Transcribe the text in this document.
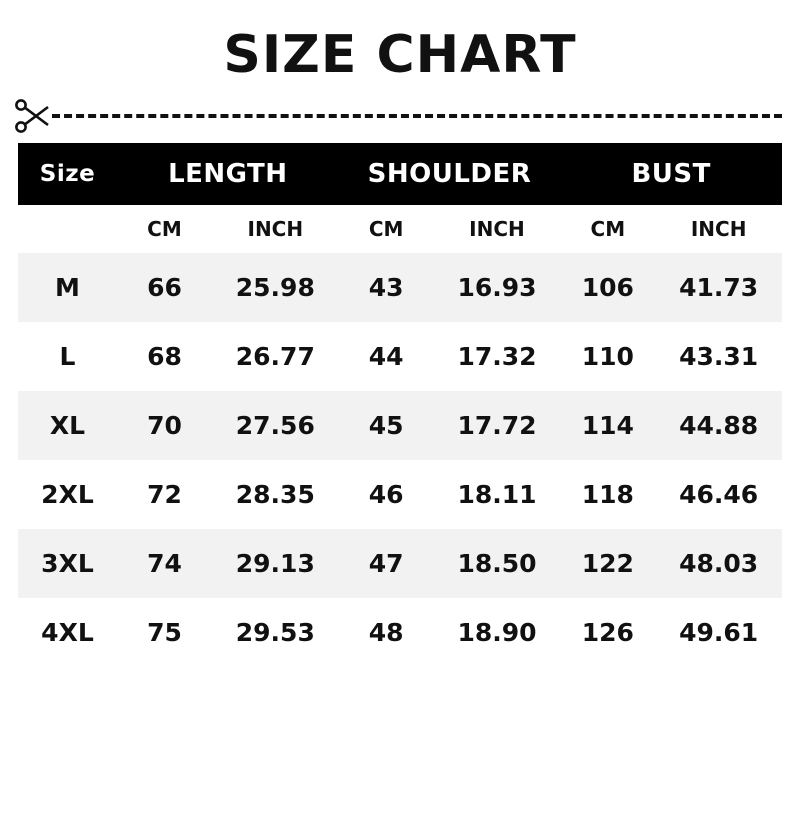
SIZE CHART
Size	LENGTH		SHOULDER		BUST	
	CM	INCH	CM	INCH	CM	INCH
M	66	25.98	43	16.93	106	41.73
L	68	26.77	44	17.32	110	43.31
XL	70	27.56	45	17.72	114	44.88
2XL	72	28.35	46	18.11	118	46.46
3XL	74	29.13	47	18.50	122	48.03
4XL	75	29.53	48	18.90	126	49.61
